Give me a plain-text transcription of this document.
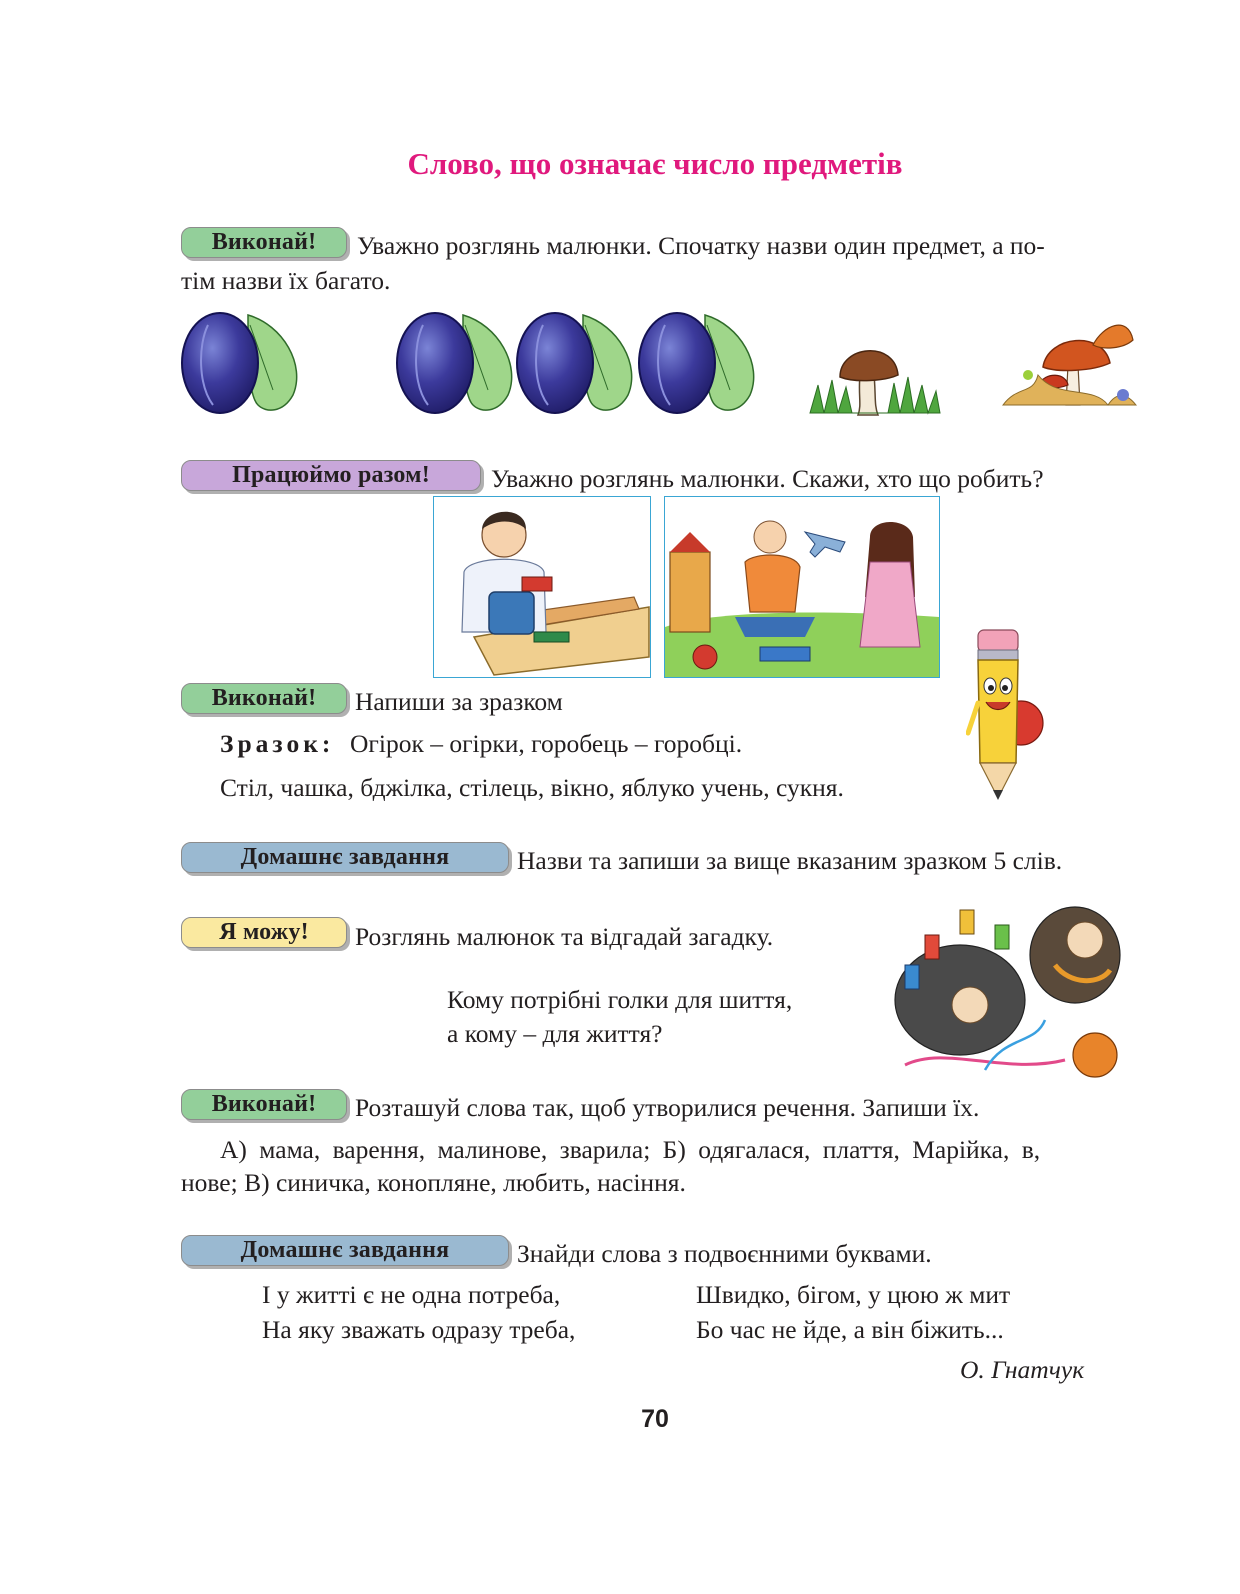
Слово, що означає число предметів
Виконай!	Уважно розглянь малюнки. Спочатку назви один предмет, а по-
тім назви їх багато.
Працюймо разом!	Уважно розглянь малюнки. Скажи, хто що робить?
Виконай!	Напиши за зразком
Зразок: Огірок – огірки, горобець – горобці.
Стіл, чашка, бджілка, стілець, вікно, яблуко учень, сукня.
Домашнє завдання	Назви та запиши за вище вказаним зразком 5 слів.
Я можу!	Розглянь малюнок та відгадай загадку.
Кому потрібні голки для шиття,
а кому – для життя?
Виконай!	Розташуй слова так, щоб утворилися речення. Запиши їх.
А) мама, варення, малинове, зварила; Б) одягалася, плаття, Марійка, в,
нове; В) синичка, коноплянe, любить, насіння.
Домашнє завдання	Знайди слова з подвоєнними буквами.
І у житті є не одна потреба,
На яку зважать одразу треба,
Швидко, бігом, у цюю ж мит
Бо час не йде, а він біжить...
О. Гнатчук
70
